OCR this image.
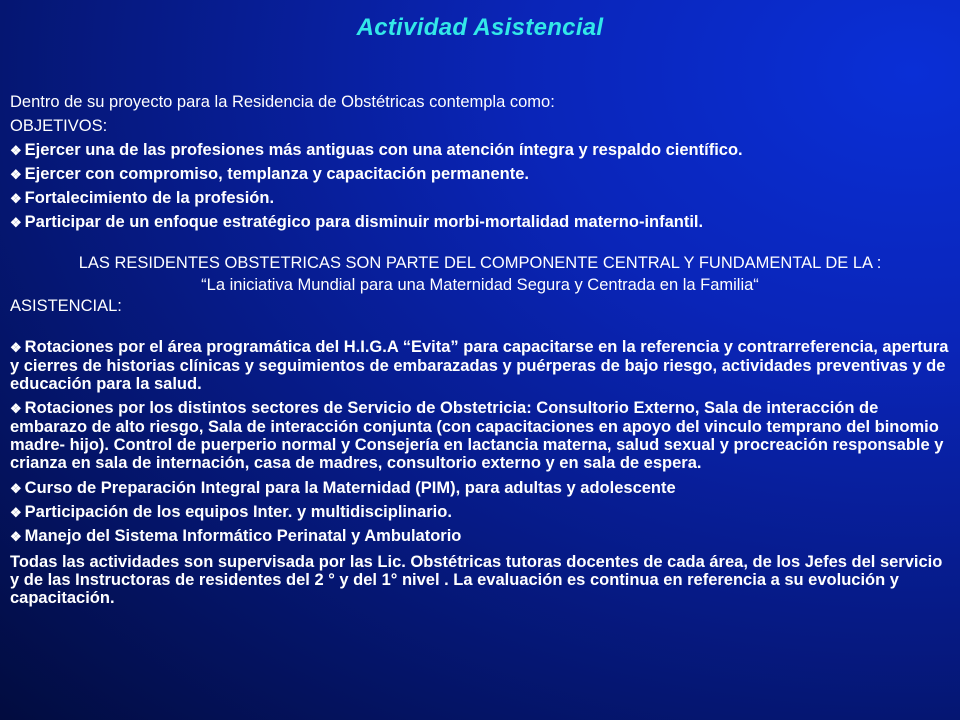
Actividad Asistencial

Dentro de su proyecto para la Residencia de Obstétricas contempla como:

OBJETIVOS:

❖ Ejercer una de las profesiones más antiguas con una atención íntegra y respaldo científico.

❖ Ejercer con compromiso, templanza y capacitación permanente.

❖ Fortalecimiento de la profesión.

❖ Participar de un enfoque estratégico para disminuir morbi-mortalidad materno-infantil.

LAS RESIDENTES OBSTETRICAS SON PARTE DEL COMPONENTE CENTRAL Y FUNDAMENTAL DE LA :

“La iniciativa Mundial para una Maternidad Segura y Centrada en la Familia“

ASISTENCIAL:

❖ Rotaciones por el área programática del H.I.G.A “Evita” para capacitarse en la referencia y contrarreferencia, apertura y cierres de historias clínicas y seguimientos de embarazadas y puérperas de bajo riesgo, actividades preventivas y de educación para la salud.

❖ Rotaciones por los distintos sectores de Servicio de Obstetricia: Consultorio Externo, Sala de interacción de embarazo de alto riesgo, Sala de interacción conjunta (con capacitaciones en apoyo del vinculo temprano del binomio madre- hijo). Control de puerperio normal y Consejería en lactancia materna, salud sexual y procreación responsable y crianza en sala de internación, casa de madres, consultorio externo y en sala de espera.

❖ Curso de Preparación Integral para la Maternidad (PIM), para adultas y adolescente

❖ Participación de los equipos Inter. y multidisciplinario.

❖ Manejo del Sistema Informático Perinatal y Ambulatorio

Todas las actividades son supervisada por las Lic. Obstétricas tutoras docentes de cada área, de los Jefes del servicio y de las Instructoras de residentes del 2 ° y del 1° nivel . La evaluación es continua en referencia a su evolución y capacitación.
